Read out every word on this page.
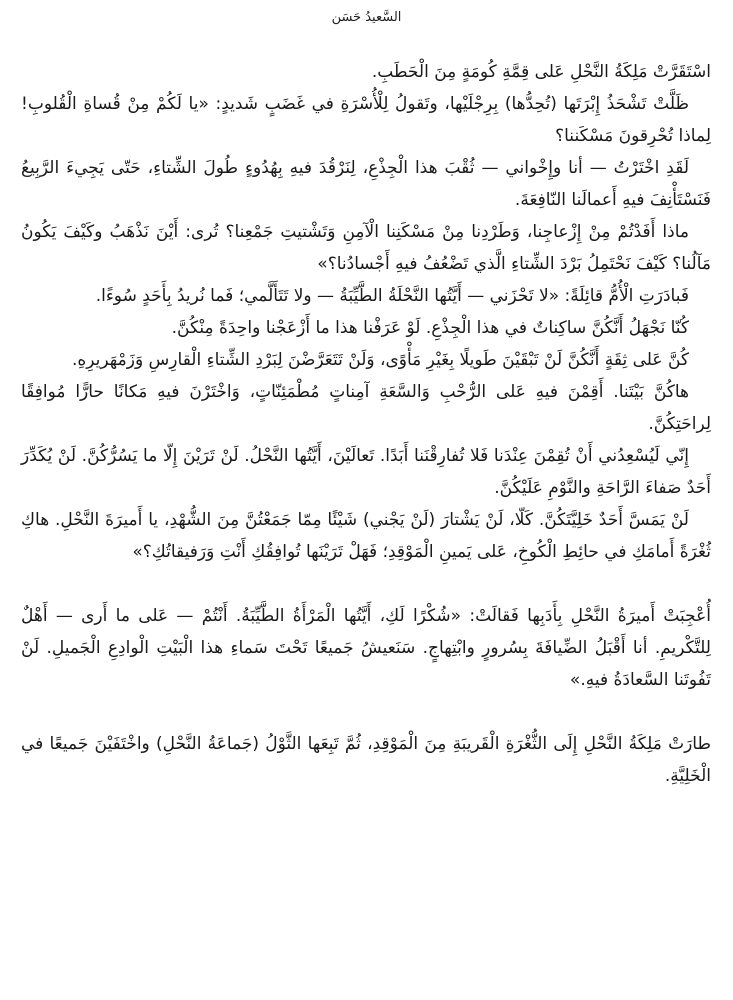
السَّعيدُ حَسَن

اسْتَقَرَّتْ مَلِكَةُ النَّحْلِ عَلى قِمَّةِ كُومَةٍ مِنَ الْحَطَبِ.

ظَلَّتْ تَشْحَذُ إِبْرَتَها (تُحِدُّها) بِرِجْلَيْها، وتَقولُ لِلْأُسْرَةِ في غَضَبٍ شَديدٍ: «يا لَكُمْ مِنْ قُساةِ الْقُلوبِ! لِماذا تُحْرِقونَ مَسْكَننا؟

لَقَدِ اخْتَرْتُ — أنا وإِخْواني — ثُقْبَ هذا الْجِذْعِ، لِنَرْقُدَ فيهِ بِهُدُوءٍ طُولَ الشِّتاءِ، حَتّى يَجِيءَ الرَّبِيعُ فَنَسْتَأْنِفَ فيهِ أَعمالَنا النّافِعَةَ.

ماذا أَفَدْتُمْ مِنْ إِزْعاجِنا، وَطَرْدِنا مِنْ مَسْكَنِنا الْآمِنِ وَتَشْتيتِ جَمْعِنا؟ تُرى: أَيْنَ نَذْهَبُ وكَيْفَ يَكُونُ مَآلُنا؟ كَيْفَ نَحْتَمِلُ بَرْدَ الشِّتاءِ الَّذي تَضْعُفُ فيهِ أَجْسادُنا؟»

فَبادَرَتِ الْأُمُّ قائِلَةً: «لا تَحْزَني — أَيَّتُها النَّحْلَةُ الطَّيِّبَةُ — ولا تَتَأَلَّمي؛ فَما نُريدُ بِأَحَدٍ سُوءًا.

كُنّا نَجْهَلُ أَنَّكُنَّ ساكِناتٌ في هذا الْجِذْعِ. لَوْ عَرَفْنا هذا ما أَزْعَجْنا واحِدَةً مِنْكُنَّ.

كُنَّ عَلى ثِقَةٍ أَنَّكُنَّ لَنْ تَبْقَيْنَ طَويلًا بِغَيْرِ مَأْوًى، وَلَنْ تَتَعَرَّضْنَ لِبَرْدِ الشِّتاءِ الْقارِسِ وَزَمْهَريرِهِ.

هاكُنَّ بَيْتَنا. أَقِمْنَ فيهِ عَلى الرُّحْبِ وَالسَّعَةِ آمِناتٍ مُطْمَئِنّاتٍ، وَاخْتَرْنَ فيهِ مَكانًا حارًّا مُوافِقًا لِراحَتِكُنَّ.

إِنّي لَيُسْعِدُني أَنْ تُقِمْنَ عِنْدَنا فَلا تُفارِقْنَنا أَبَدًا. تَعالَيْنَ، أَيَّتُها النَّحْلُ. لَنْ تَرَيْنَ إِلّا ما يَسُرُّكُنَّ. لَنْ يُكَدِّرَ أَحَدٌ صَفاءَ الرَّاحَةِ والنَّوْمِ عَلَيْكُنَّ.

لَنْ يَمَسَّ أَحَدٌ خَلِيَّتَكُنَّ. كَلّا، لَنْ يَشْتارَ (لَنْ يَجْني) شَيْئًا مِمّا جَمَعْتُنَّ مِنَ الشُّهْدِ، يا أَميرَةَ النَّحْلِ. هاكِ ثُغْرَةً أَمامَكِ في حائِطِ الْكُوخِ، عَلى يَمينِ الْمَوْقِدِ؛ فَهَلْ تَرَيْنَها تُوافِقُكِ أَنْتِ وَرَفيقاتُكِ؟»

أُعْجِبَتْ أَميرَةُ النَّحْلِ بِأَدَبِها فَقالَتْ: «شُكْرًا لَكِ، أَيَّتُها الْمَرْأَةُ الطَّيِّبَةُ. أَنْتُمْ — عَلى ما أَرى — أَهْلٌ لِلتَّكْريمِ. أنا أَقْبَلُ الضِّيافَةَ بِسُرورٍ وابْتِهاجٍ. سَنَعيشُ جَميعًا تَحْتَ سَماءِ هذا الْبَيْتِ الْوادِعِ الْجَميلِ. لَنْ تَفُوتَنا السَّعادَةُ فيهِ.»

طارَتْ مَلِكَةُ النَّحْلِ إِلَى الثُّغْرَةِ الْقَريبَةِ مِنَ الْمَوْقِدِ، ثُمَّ تَبِعَها الثَّوْلُ (جَماعَةُ النَّحْلِ) واخْتَفَيْنَ جَميعًا في الْخَلِيَّةِ.
